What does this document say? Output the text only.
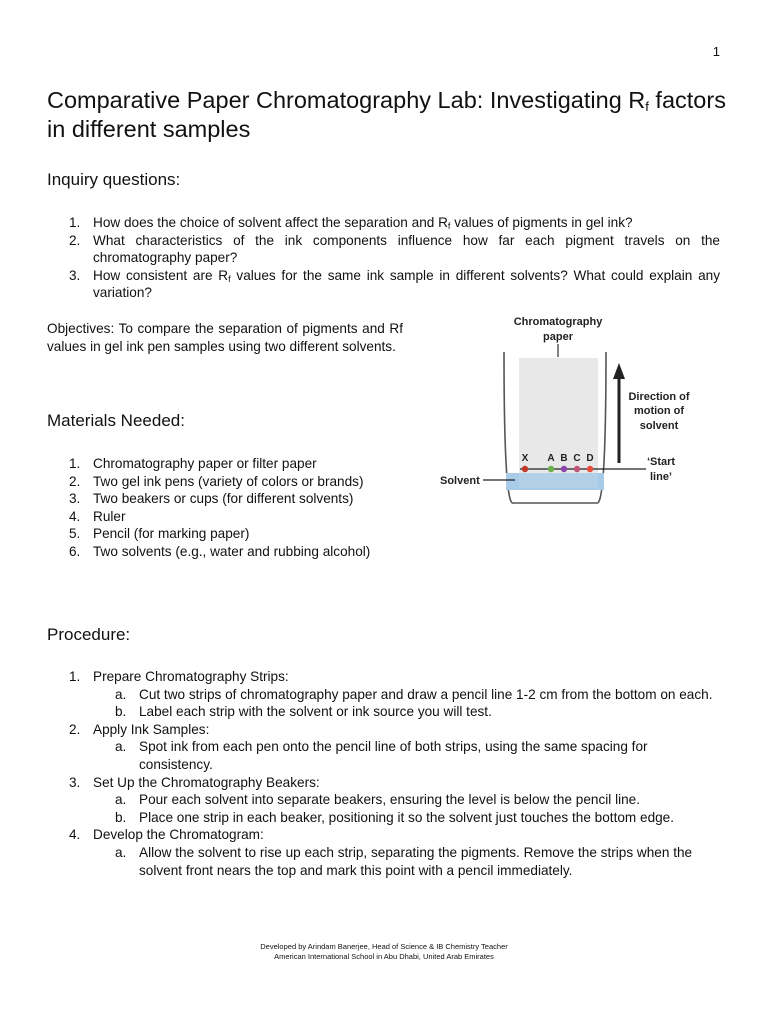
1
Comparative Paper Chromatography Lab: Investigating $R_f$ factors in different samples
Inquiry questions:
1. How does the choice of solvent affect the separation and $R_f$ values of pigments in gel ink?
2. What characteristics of the ink components influence how far each pigment travels on the chromatography paper?
3. How consistent are $R_f$ values for the same ink sample in different solvents? What could explain any variation?

Objectives: To compare the separation of pigments and Rf values in gel ink pen samples using two different solvents.

Chromatography
paper
X A B C D
Direction of
motion of
solvent
‘Start
line’
Solvent
Materials Needed:
1. Chromatography paper or filter paper
2. Two gel ink pens (variety of colors or brands)
3. Two beakers or cups (for different solvents)
4. Ruler
5. Pencil (for marking paper)
6. Two solvents (e.g., water and rubbing alcohol)
Procedure:
1. Prepare Chromatography Strips:
a. Cut two strips of chromatography paper and draw a pencil line 1-2 cm from the bottom on each.
b. Label each strip with the solvent or ink source you will test.
2. Apply Ink Samples:
a. Spot ink from each pen onto the pencil line of both strips, using the same spacing for consistency.
3. Set Up the Chromatography Beakers:
a. Pour each solvent into separate beakers, ensuring the level is below the pencil line.
b. Place one strip in each beaker, positioning it so the solvent just touches the bottom edge.
4. Develop the Chromatogram:
a. Allow the solvent to rise up each strip, separating the pigments. Remove the strips when the solvent front nears the top and mark this point with a pencil immediately.
Developed by Arindam Banerjee, Head of Science & IB Chemistry Teacher
American International School in Abu Dhabi, United Arab Emirates
